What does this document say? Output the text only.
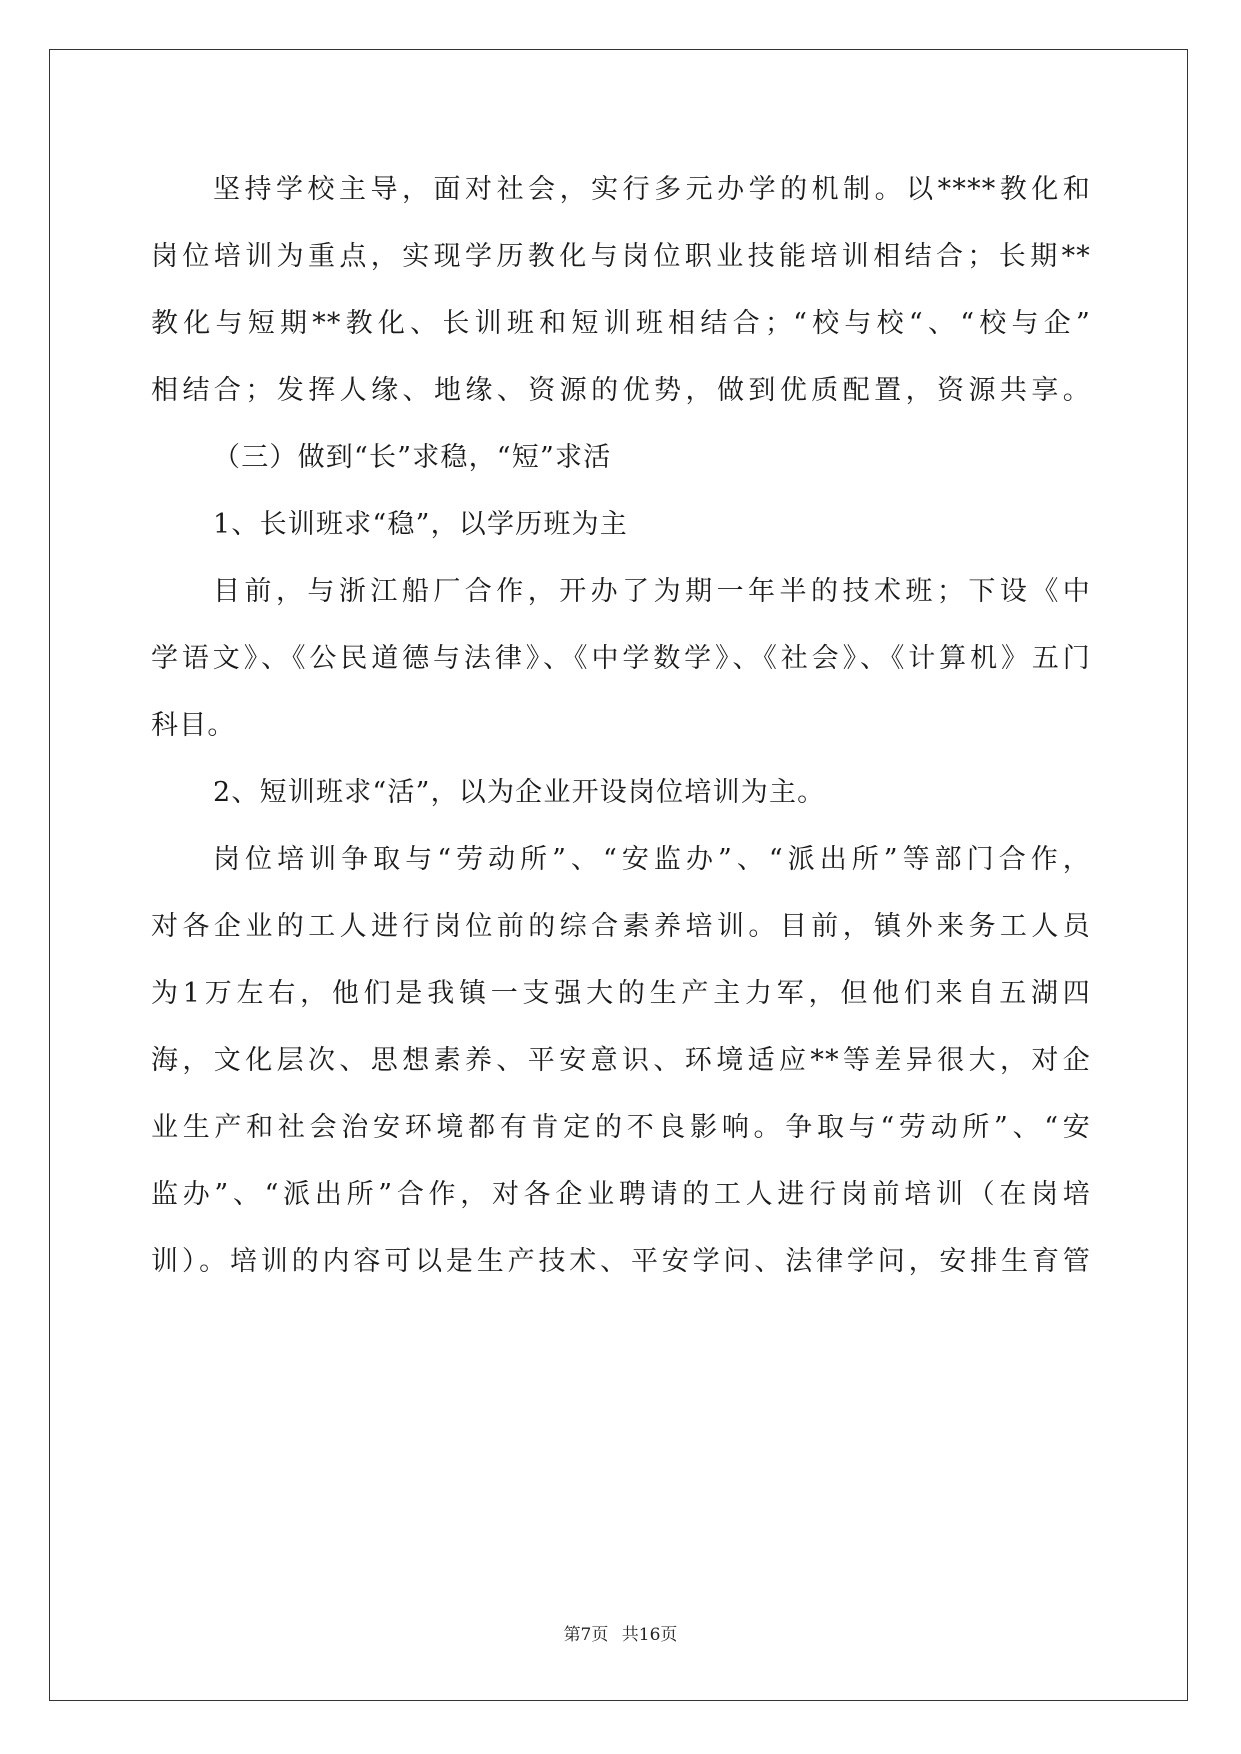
坚持学校主导，面对社会，实行多元办学的机制。以****教化和
岗位培训为重点，实现学历教化与岗位职业技能培训相结合；长期**
教化与短期**教化、长训班和短训班相结合；“校与校“、“校与企”
相结合；发挥人缘、地缘、资源的优势，做到优质配置，资源共享。
（三）做到“长”求稳，“短”求活
1、长训班求“稳”，以学历班为主
目前，与浙江船厂合作，开办了为期一年半的技术班；下设《中
学语文》、《公民道德与法律》、《中学数学》、《社会》、《计算机》五门
科目。
2、短训班求“活”，以为企业开设岗位培训为主。
岗位培训争取与“劳动所”、“安监办”、“派出所”等部门合作，
对各企业的工人进行岗位前的综合素养培训。目前，镇外来务工人员
为1万左右，他们是我镇一支强大的生产主力军，但他们来自五湖四
海，文化层次、思想素养、平安意识、环境适应**等差异很大，对企
业生产和社会治安环境都有肯定的不良影响。争取与“劳动所”、“安
监办”、“派出所”合作，对各企业聘请的工人进行岗前培训（在岗培
训）。培训的内容可以是生产技术、平安学问、法律学问，安排生育管
第7页 共16页
